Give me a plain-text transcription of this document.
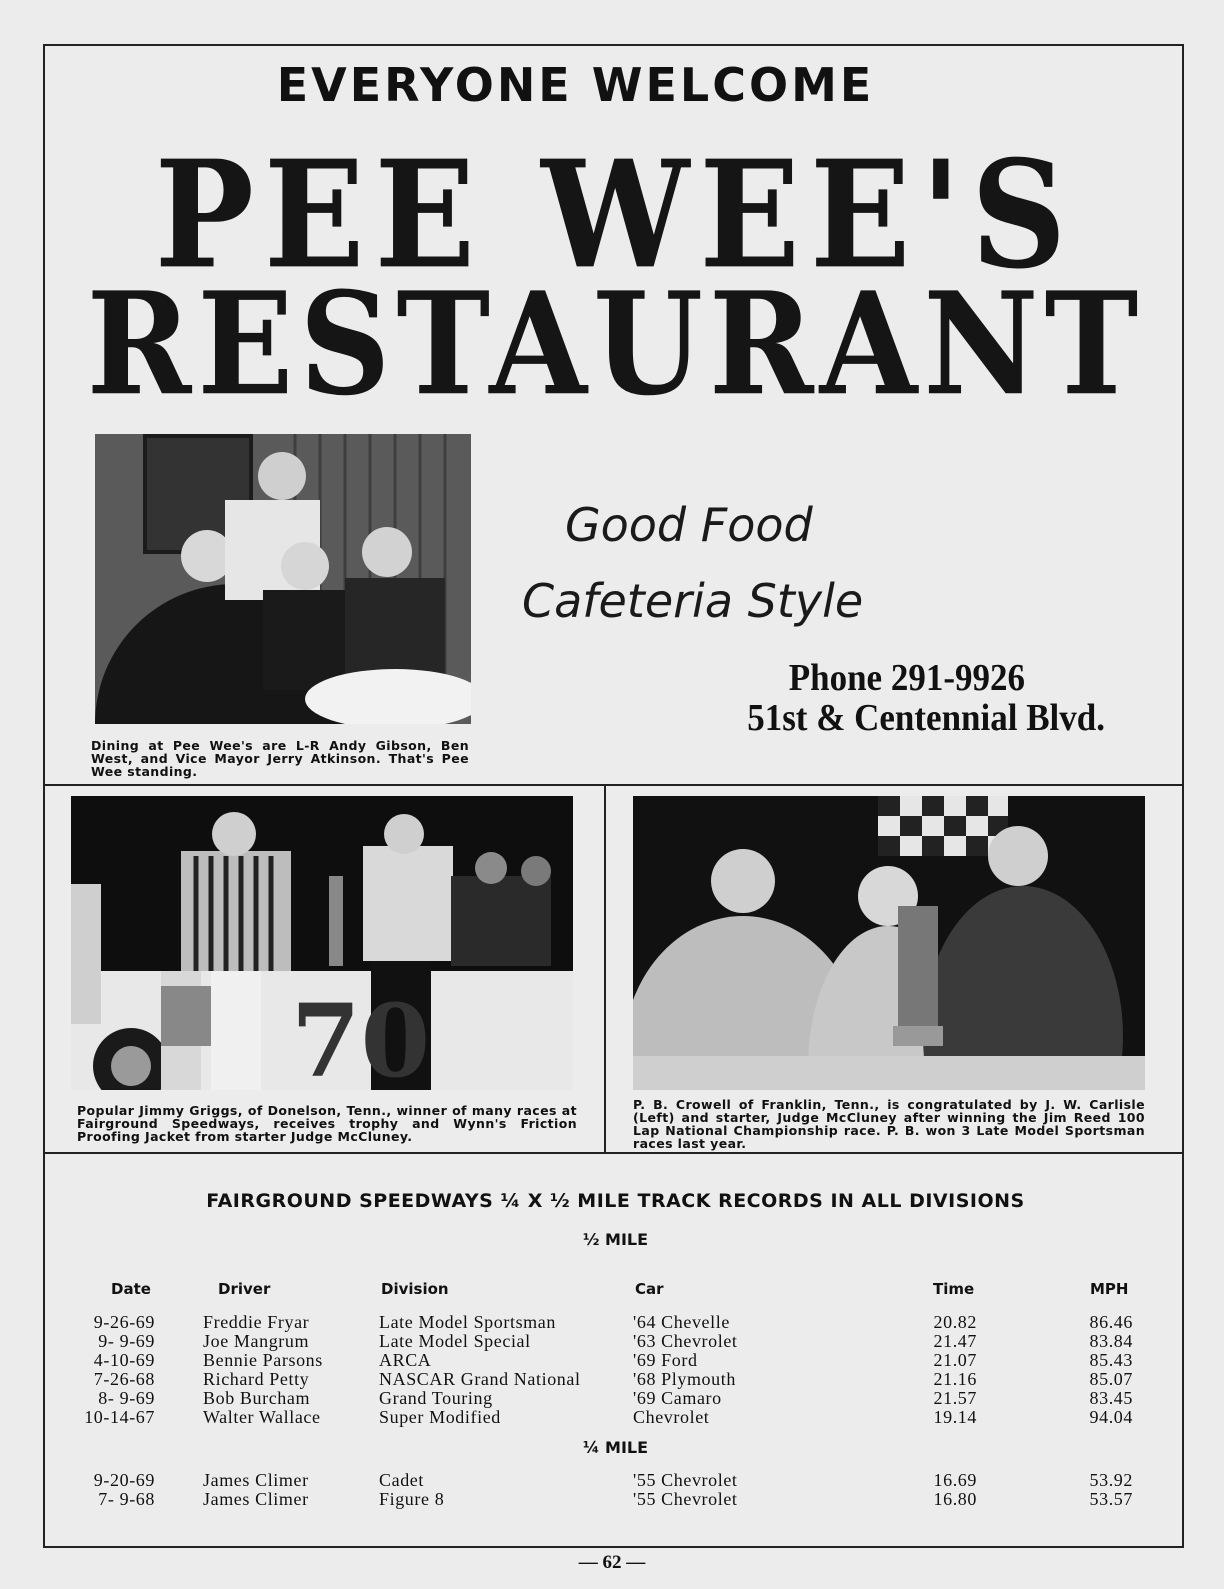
EVERYONE WELCOME
PEE WEE'S
RESTAURANT
Dining at Pee Wee's are L-R Andy Gibson, Ben West, and Vice Mayor Jerry Atkinson. That's Pee Wee standing.
Good Food
Cafeteria Style
Phone 291-9926
51st & Centennial Blvd.
70
Popular Jimmy Griggs, of Donelson, Tenn., winner of many races at Fairground Speedways, receives trophy and Wynn's Friction Proofing Jacket from starter Judge McCluney.
P. B. Crowell of Franklin, Tenn., is congratulated by J. W. Carlisle (Left) and starter, Judge McCluney after winning the Jim Reed 100 Lap National Championship race. P. B. won 3 Late Model Sportsman races last year.
FAIRGROUND SPEEDWAYS ¼ X ½ MILE TRACK RECORDS IN ALL DIVISIONS
½ MILE
Date	Driver	Division	Car	Time	MPH
9-26-69	Freddie Fryar	Late Model Sportsman	'64 Chevelle	20.82	86.46
9- 9-69	Joe Mangrum	Late Model Special	'63 Chevrolet	21.47	83.84
4-10-69	Bennie Parsons	ARCA	'69 Ford	21.07	85.43
7-26-68	Richard Petty	NASCAR Grand National	'68 Plymouth	21.16	85.07
8- 9-69	Bob Burcham	Grand Touring	'69 Camaro	21.57	83.45
10-14-67	Walter Wallace	Super Modified	Chevrolet	19.14	94.04
¼ MILE
9-20-69	James Climer	Cadet	'55 Chevrolet	16.69	53.92
7- 9-68	James Climer	Figure 8	'55 Chevrolet	16.80	53.57
— 62 —
